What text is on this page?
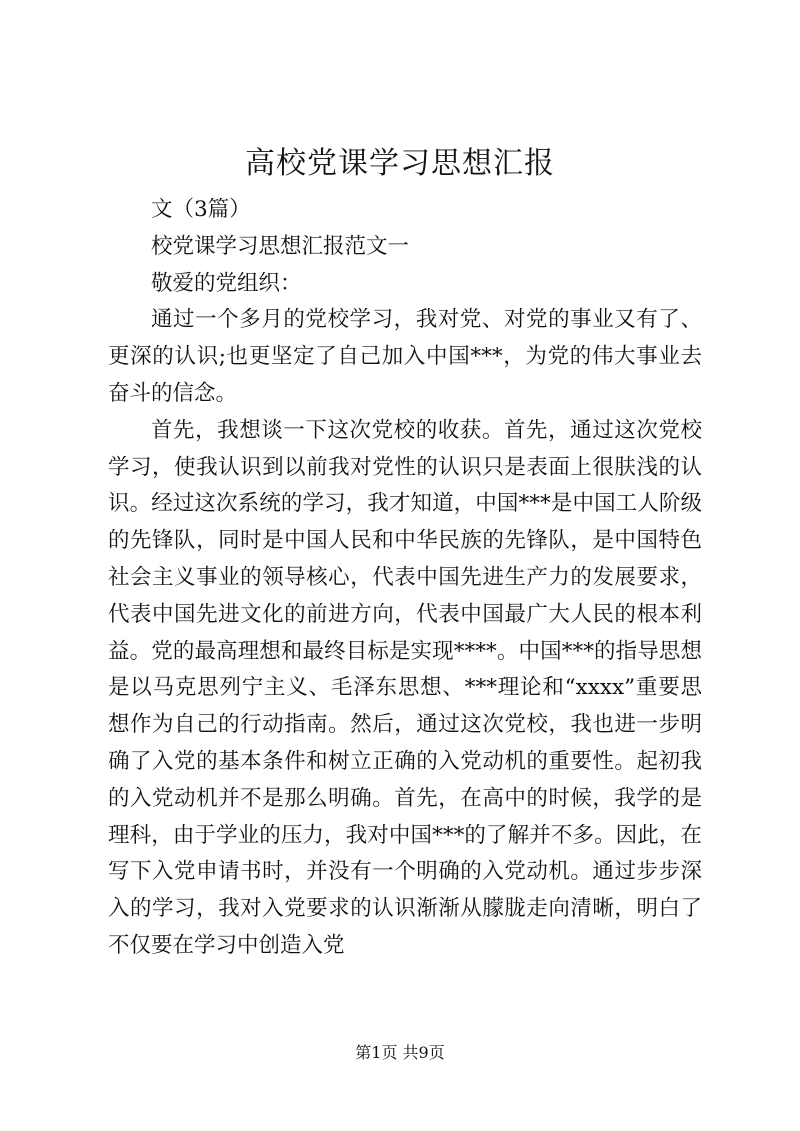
高校党课学习思想汇报

文（3篇）

校党课学习思想汇报范文一

敬爱的党组织：

通过一个多月的党校学习，我对党、对党的事业又有了、更深的认识;也更坚定了自己加入中国***，为党的伟大事业去奋斗的信念。

首先，我想谈一下这次党校的收获。首先，通过这次党校学习，使我认识到以前我对党性的认识只是表面上很肤浅的认识。经过这次系统的学习，我才知道，中国***是中国工人阶级的先锋队，同时是中国人民和中华民族的先锋队，是中国特色社会主义事业的领导核心，代表中国先进生产力的发展要求，代表中国先进文化的前进方向，代表中国最广大人民的根本利益。党的最高理想和最终目标是实现****。中国***的指导思想是以马克思列宁主义、毛泽东思想、***理论和“xxxx”重要思想作为自己的行动指南。然后，通过这次党校，我也进一步明确了入党的基本条件和树立正确的入党动机的重要性。起初我的入党动机并不是那么明确。首先，在高中的时候，我学的是理科，由于学业的压力，我对中国***的了解并不多。因此，在写下入党申请书时，并没有一个明确的入党动机。通过步步深入的学习，我对入党要求的认识渐渐从朦胧走向清晰，明白了不仅要在学习中创造入党

第1页 共9页
